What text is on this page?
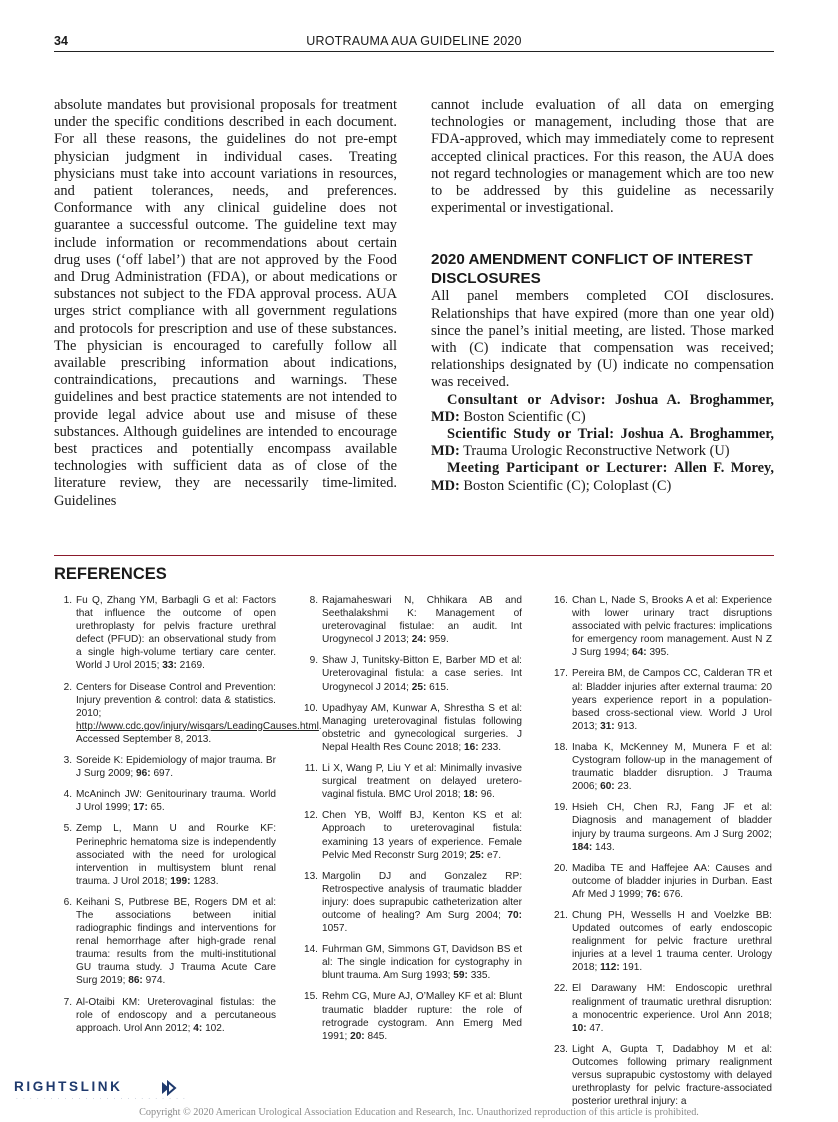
34	UROTRAUMA AUA GUIDELINE 2020

absolute mandates but provisional proposals for treatment under the specific conditions described in each document. For all these reasons, the guidelines do not pre-empt physician judgment in individual cases. Treating physicians must take into account variations in resources, and patient tolerances, needs, and preferences. Conformance with any clinical guideline does not guarantee a successful outcome. The guideline text may include information or recommendations about certain drug uses (‘off label’) that are not approved by the Food and Drug Administration (FDA), or about medications or substances not subject to the FDA approval process. AUA urges strict compliance with all government regulations and protocols for prescription and use of these substances. The physician is encouraged to carefully follow all available prescribing information about indications, contraindications, precautions and warnings. These guidelines and best practice statements are not intended to provide legal advice about use and misuse of these substances. Although guidelines are intended to encourage best practices and potentially encompass available technologies with sufficient data as of close of the literature review, they are necessarily time-limited. Guidelines

cannot include evaluation of all data on emerging technologies or management, including those that are FDA-approved, which may immediately come to represent accepted clinical practices. For this reason, the AUA does not regard technologies or management which are too new to be addressed by this guideline as necessarily experimental or investigational.

2020 AMENDMENT CONFLICT OF INTEREST DISCLOSURES

All panel members completed COI disclosures. Relationships that have expired (more than one year old) since the panel’s initial meeting, are listed. Those marked with (C) indicate that compensation was received; relationships designated by (U) indicate no compensation was received.

Consultant or Advisor: Joshua A. Broghammer, MD: Boston Scientific (C)

Scientific Study or Trial: Joshua A. Broghammer, MD: Trauma Urologic Reconstructive Network (U)

Meeting Participant or Lecturer: Allen F. Morey, MD: Boston Scientific (C); Coloplast (C)

REFERENCES
1. Fu Q, Zhang YM, Barbagli G et al: Factors that influence the outcome of open urethroplasty for pelvis fracture urethral defect (PFUD): an observational study from a single high-volume tertiary care center. World J Urol 2015; 33: 2169.
2. Centers for Disease Control and Prevention: Injury prevention & control: data & statistics. 2010; http://www.cdc.gov/injury/wisqars/LeadingCauses.html. Accessed September 8, 2013.
3. Soreide K: Epidemiology of major trauma. Br J Surg 2009; 96: 697.
4. McAninch JW: Genitourinary trauma. World J Urol 1999; 17: 65.
5. Zemp L, Mann U and Rourke KF: Perinephric hematoma size is independently associated with the need for urological intervention in multisystem blunt renal trauma. J Urol 2018; 199: 1283.
6. Keihani S, Putbrese BE, Rogers DM et al: The associations between initial radiographic findings and interventions for renal hemorrhage after high-grade renal trauma: results from the multi-institutional GU trauma study. J Trauma Acute Care Surg 2019; 86: 974.
7. Al-Otaibi KM: Ureterovaginal fistulas: the role of endoscopy and a percutaneous approach. Urol Ann 2012; 4: 102.
8. Rajamaheswari N, Chhikara AB and Seethalakshmi K: Management of ureterovaginal fistulae: an audit. Int Urogynecol J 2013; 24: 959.
9. Shaw J, Tunitsky-Bitton E, Barber MD et al: Ureterovaginal fistula: a case series. Int Urogynecol J 2014; 25: 615.
10. Upadhyay AM, Kunwar A, Shrestha S et al: Managing ureterovaginal fistulas following obstetric and gynecological surgeries. J Nepal Health Res Counc 2018; 16: 233.
11. Li X, Wang P, Liu Y et al: Minimally invasive surgical treatment on delayed uretero-vaginal fistula. BMC Urol 2018; 18: 96.
12. Chen YB, Wolff BJ, Kenton KS et al: Approach to ureterovaginal fistula: examining 13 years of experience. Female Pelvic Med Reconstr Surg 2019; 25: e7.
13. Margolin DJ and Gonzalez RP: Retrospective analysis of traumatic bladder injury: does suprapubic catheterization alter outcome of healing? Am Surg 2004; 70: 1057.
14. Fuhrman GM, Simmons GT, Davidson BS et al: The single indication for cystography in blunt trauma. Am Surg 1993; 59: 335.
15. Rehm CG, Mure AJ, O’Malley KF et al: Blunt traumatic bladder rupture: the role of retrograde cystogram. Ann Emerg Med 1991; 20: 845.
16. Chan L, Nade S, Brooks A et al: Experience with lower urinary tract disruptions associated with pelvic fractures: implications for emergency room management. Aust N Z J Surg 1994; 64: 395.
17. Pereira BM, de Campos CC, Calderan TR et al: Bladder injuries after external trauma: 20 years experience report in a population-based cross-sectional view. World J Urol 2013; 31: 913.
18. Inaba K, McKenney M, Munera F et al: Cystogram follow-up in the management of traumatic bladder disruption. J Trauma 2006; 60: 23.
19. Hsieh CH, Chen RJ, Fang JF et al: Diagnosis and management of bladder injury by trauma surgeons. Am J Surg 2002; 184: 143.
20. Madiba TE and Haffejee AA: Causes and outcome of bladder injuries in Durban. East Afr Med J 1999; 76: 676.
21. Chung PH, Wessells H and Voelzke BB: Updated outcomes of early endoscopic realignment for pelvic fracture urethral injuries at a level 1 trauma center. Urology 2018; 112: 191.
22. El Darawany HM: Endoscopic urethral realignment of traumatic urethral disruption: a monocentric experience. Urol Ann 2018; 10: 47.
23. Light A, Gupta T, Dadabhoy M et al: Outcomes following primary realignment versus suprapubic cystostomy with delayed urethroplasty for pelvic fracture-associated posterior urethral injury: a
RIGHTSLINK
· · · · · · · · · · · · · · · · · · · · · · · · ·
Copyright © 2020 American Urological Association Education and Research, Inc. Unauthorized reproduction of this article is prohibited.
